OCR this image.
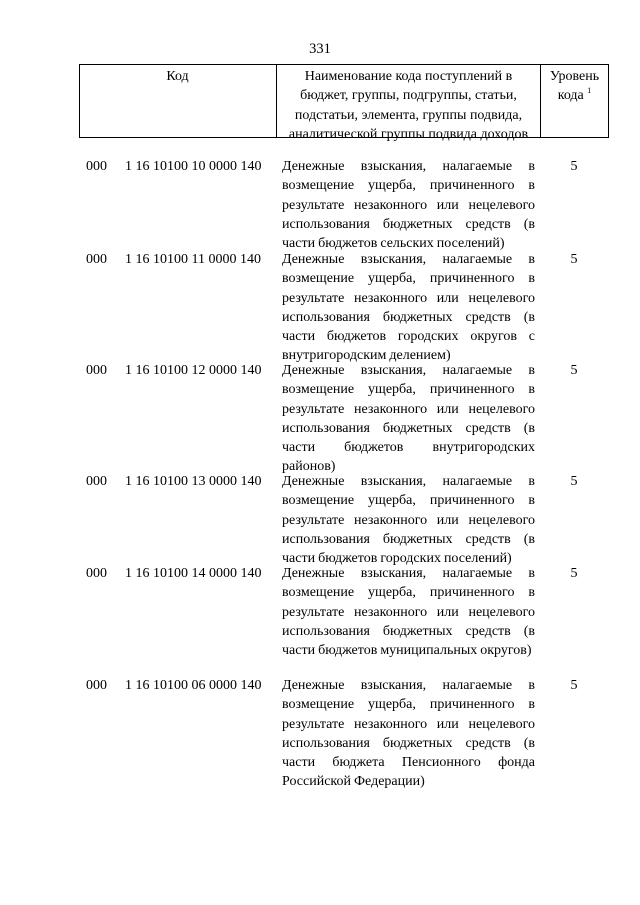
331
Код	Наименование кода поступлений в
бюджет, группы, подгруппы, статьи,
подстатьи, элемента, группы подвида,
аналитической группы подвида доходов
Уровень
кода $^1$
000 1 16 10100 10 0000 140 Денежные взыскания, налагаемые в возмещение ущерба, причиненного в результате незаконного или нецелевого использования бюджетных средств (в части бюджетов сельских поселений)
5
000 1 16 10100 11 0000 140 Денежные взыскания, налагаемые в возмещение ущерба, причиненного в результате незаконного или нецелевого использования бюджетных средств (в части бюджетов городских округов с внутригородским делением)
5
000 1 16 10100 12 0000 140 Денежные взыскания, налагаемые в возмещение ущерба, причиненного в результате незаконного или нецелевого использования бюджетных средств (в части бюджетов внутригородских районов)
5
000 1 16 10100 13 0000 140 Денежные взыскания, налагаемые в возмещение ущерба, причиненного в результате незаконного или нецелевого использования бюджетных средств (в части бюджетов городских поселений)
5
000 1 16 10100 14 0000 140 Денежные взыскания, налагаемые в возмещение ущерба, причиненного в результате незаконного или нецелевого использования бюджетных средств (в части бюджетов муниципальных округов)
5
000 1 16 10100 06 0000 140 Денежные взыскания, налагаемые в возмещение ущерба, причиненного в результате незаконного или нецелевого использования бюджетных средств (в части бюджета Пенсионного фонда Российской Федерации)
5
